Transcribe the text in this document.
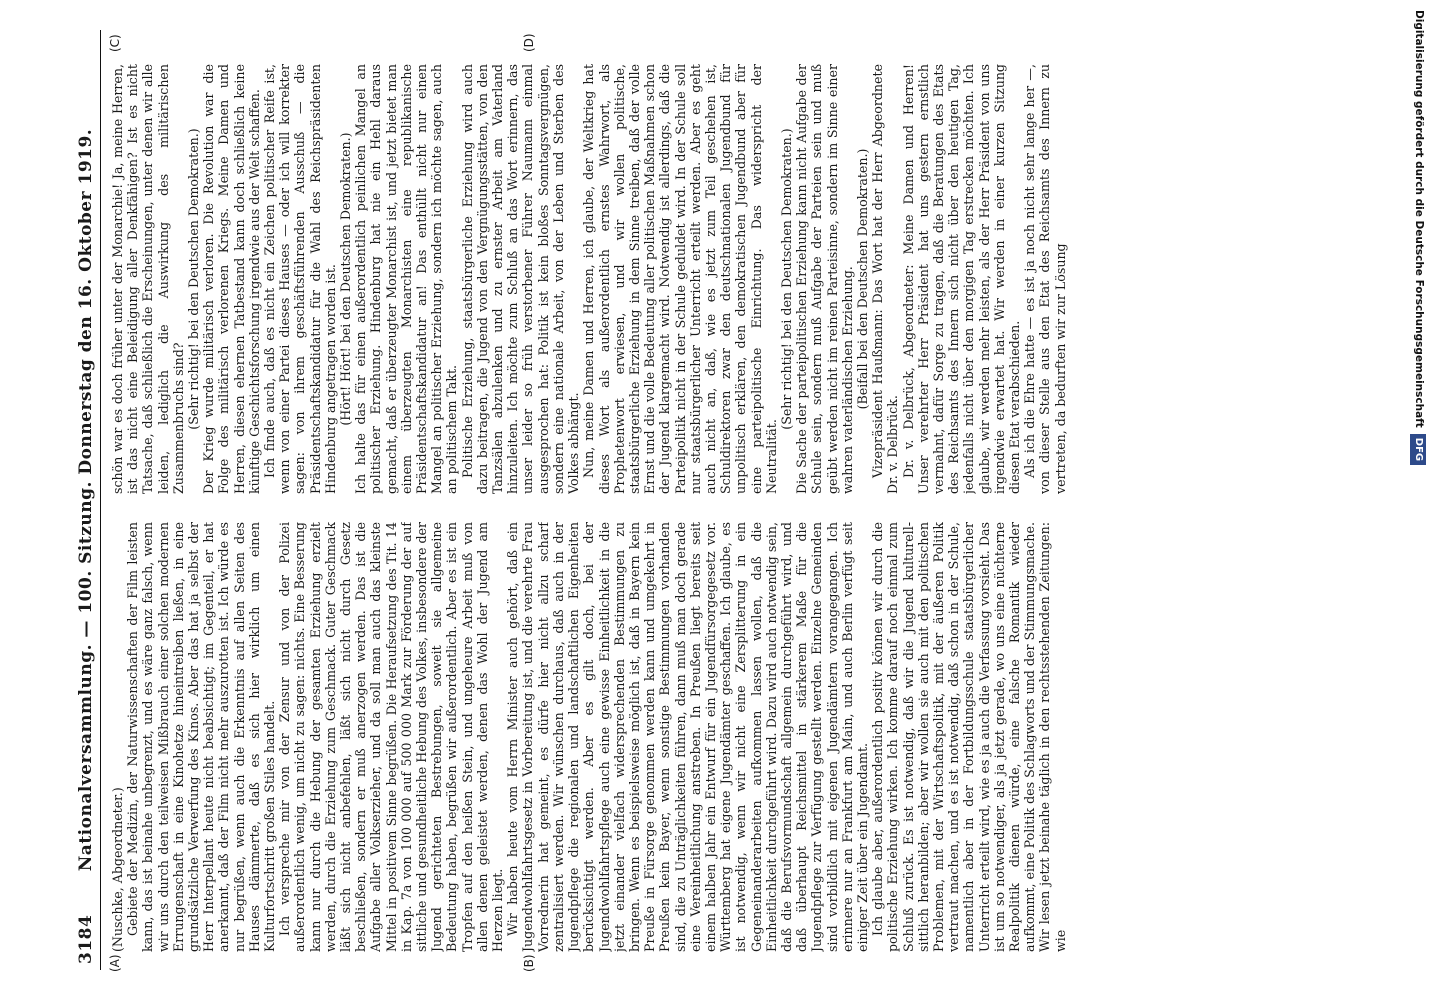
3184
Nationalversammlung. — 100. Sitzung. Donnerstag den 16. Oktober 1919.
(A)	(B)
(C)	(D)

(Nuschke, Abgeordneter.) Gebiete der Medizin, der Naturwissenschaften der Film leisten kann, das ist beinahe unbegrenzt, und es wäre ganz falsch, wenn wir uns durch den teilweisen Mißbrauch einer solchen modernen Errungenschaft in eine Kinohetze hineintreiben ließen, in eine grundsätzliche Verwerfung des Kinos. Aber das hat ja selbst der Herr Interpellant heute nicht beabsichtigt; im Gegenteil, er hat anerkannt, daß der Film nicht mehr auszurotten ist. Ich würde es nur begrüßen, wenn auch die Erkenntnis auf allen Seiten des Hauses dämmerte, daß es sich hier wirklich um einen Kulturfortschritt großen Stiles handelt. Ich verspreche mir von der Zensur und von der Polizei außerordentlich wenig, um nicht zu sagen: nichts. Eine Besserung kann nur durch die Hebung der gesamten Erziehung erzielt werden, durch die Erziehung zum Geschmack. Guter Geschmack läßt sich nicht anbefehlen, läßt sich nicht durch Gesetz beschließen, sondern er muß anerzogen werden. Das ist die Aufgabe aller Volkserzieher, und da soll man auch das kleinste Mittel in positivem Sinne begrüßen. Die Heraufsetzung des Tit. 14 in Kap. 7a von 100 000 auf 500 000 Mark zur Förderung der auf sittliche und gesundheitliche Hebung des Volkes, insbesondere der Jugend gerichteten Bestrebungen, soweit sie allgemeine Bedeutung haben, begrüßen wir außerordentlich. Aber es ist ein Tropfen auf den heißen Stein, und ungeheure Arbeit muß von allen denen geleistet werden, denen das Wohl der Jugend am Herzen liegt. Wir haben heute vom Herrn Minister auch gehört, daß ein Jugendwohlfahrtsgesetz in Vorbereitung ist, und die verehrte Frau Vorrednerin hat gemeint, es dürfe hier nicht allzu scharf zentralisiert werden. Wir wünschen durchaus, daß auch in der Jugendpflege die regionalen und landschaftlichen Eigenheiten berücksichtigt werden. Aber es gilt doch, bei der Jugendwohlfahrtspflege auch eine gewisse Einheitlichkeit in die jetzt einander vielfach widersprechenden Bestimmungen zu bringen. Wenn es beispielsweise möglich ist, daß in Bayern kein Preuße in Fürsorge genommen werden kann und umgekehrt in Preußen kein Bayer, wenn sonstige Bestimmungen vorhanden sind, die zu Unträglichkeiten führen, dann muß man doch gerade eine Vereinheitlichung anstreben. In Preußen liegt bereits seit einem halben Jahr ein Entwurf für ein Jugendfürsorgegesetz vor. Württemberg hat eigene Jugendämter geschaffen. Ich glaube, es ist notwendig, wenn wir nicht eine Zersplitterung in ein Gegeneinanderarbeiten aufkommen lassen wollen, daß die Einheitlichkeit durchgeführt wird. Dazu wird auch notwendig sein, daß die Berufsvormundschaft allgemein durchgeführt wird, und daß überhaupt Reichsmittel in stärkerem Maße für die Jugendpflege zur Verfügung gestellt werden. Einzelne Gemeinden sind vorbildlich mit eigenen Jugendämtern vorangegangen. Ich erinnere nur an Frankfurt am Main, und auch Berlin verfügt seit einiger Zeit über ein Jugendamt. Ich glaube aber, außerordentlich positiv können wir durch die politische Erziehung wirken. Ich komme darauf noch einmal zum Schluß zurück. Es ist notwendig, daß wir die Jugend kulturell-sittlich heranbilden; aber wir wollen sie auch mit den politischen Problemen, mit der Wirtschaftspolitik, mit der äußeren Politik vertraut machen, und es ist notwendig, daß schon in der Schule, namentlich aber in der Fortbildungsschule staatsbürgerlicher Unterricht erteilt wird, wie es ja auch die Verfassung vorsieht. Das ist um so notwendiger, als ja jetzt gerade, wo uns eine nüchterne Realpolitik dienen würde, eine falsche Romantik wieder aufkommt, eine Politik des Schlagworts und der Stimmungsmache. Wir lesen jetzt beinahe täglich in den rechtsstehenden Zeitungen: wie

schön war es doch früher unter der Monarchie! Ja, meine Herren, ist das nicht eine Beleidigung aller Denkfähigen? Ist es nicht Tatsache, daß schließlich die Erscheinungen, unter denen wir alle leiden, lediglich die Auswirkung des militärischen Zusammenbruchs sind? (Sehr richtig! bei den Deutschen Demokraten.) Der Krieg wurde militärisch verloren. Die Revolution war die Folge des militärisch verlorenen Kriegs. Meine Damen und Herren, diesen ehernen Tatbestand kann doch schließlich keine künftige Geschichtsforschung irgendwie aus der Welt schaffen. Ich finde auch, daß es nicht ein Zeichen politischer Reife ist, wenn von einer Partei dieses Hauses — oder ich will korrekter sagen: von ihrem geschäftsführenden Ausschuß — die Präsidentschaftskandidatur für die Wahl des Reichspräsidenten Hindenburg angetragen worden ist. (Hört! Hört! bei den Deutschen Demokraten.) Ich halte das für einen außerordentlich peinlichen Mangel an politischer Erziehung. Hindenburg hat nie ein Hehl daraus gemacht, daß er überzeugter Monarchist ist, und jetzt bietet man einem überzeugten Monarchisten eine republikanische Präsidentschaftskandidatur an! Das enthüllt nicht nur einen Mangel an politischer Erziehung, sondern ich möchte sagen, auch an politischem Takt. Politische Erziehung, staatsbürgerliche Erziehung wird auch dazu beitragen, die Jugend von den Vergnügungsstätten, von den Tanzsälen abzulenken und zu ernster Arbeit am Vaterland hinzuleiten. Ich möchte zum Schluß an das Wort erinnern, das unser leider so früh verstorbener Führer Naumann einmal ausgesprochen hat: Politik ist kein bloßes Sonntagsvergnügen, sondern eine nationale Arbeit, von der Leben und Sterben des Volkes abhängt. Nun, meine Damen und Herren, ich glaube, der Weltkrieg hat dieses Wort als außerordentlich ernstes Wahrwort, als Prophetenwort erwiesen, und wir wollen politische, staatsbürgerliche Erziehung in dem Sinne treiben, daß der volle Ernst und die volle Bedeutung aller politischen Maßnahmen schon der Jugend klargemacht wird. Notwendig ist allerdings, daß die Parteipolitik nicht in der Schule geduldet wird. In der Schule soll nur staatsbürgerlicher Unterricht erteilt werden. Aber es geht auch nicht an, daß, wie es jetzt zum Teil geschehen ist, Schuldirektoren zwar den deutschnationalen Jugendbund für unpolitisch erklären, den demokratischen Jugendbund aber für eine parteipolitische Einrichtung. Das widerspricht der Neutralität.

(Sehr richtig! bei den Deutschen Demokraten.) Die Sache der parteipolitischen Erziehung kann nicht Aufgabe der Schule sein, sondern muß Aufgabe der Parteien sein und muß geübt werden nicht im reinen Parteisinne, sondern im Sinne einer wahren vaterländischen Erziehung. (Beifall bei den Deutschen Demokraten.) Vizepräsident Haußmann: Das Wort hat der Herr Abgeordnete Dr. v. Delbrück. Dr. v. Delbrück, Abgeordneter: Meine Damen und Herren! Unser verehrter Herr Präsident hat uns gestern ernstlich vermahnt, dafür Sorge zu tragen, daß die Beratungen des Etats des Reichsamts des Innern sich nicht über den heutigen Tag, jedenfalls nicht über den morgigen Tag erstrecken möchten. Ich glaube, wir werden mehr leisten, als der Herr Präsident von uns irgendwie erwartet hat. Wir werden in einer kurzen Sitzung diesen Etat verabschieden. Als ich die Ehre hatte — es ist ja noch nicht sehr lange her —, von dieser Stelle aus den Etat des Reichsamts des Innern zu vertreten, da bedurften wir zur Lösung	Digitalisierung gefördert durch die Deutsche ForschungsgemeinschaftDFG
